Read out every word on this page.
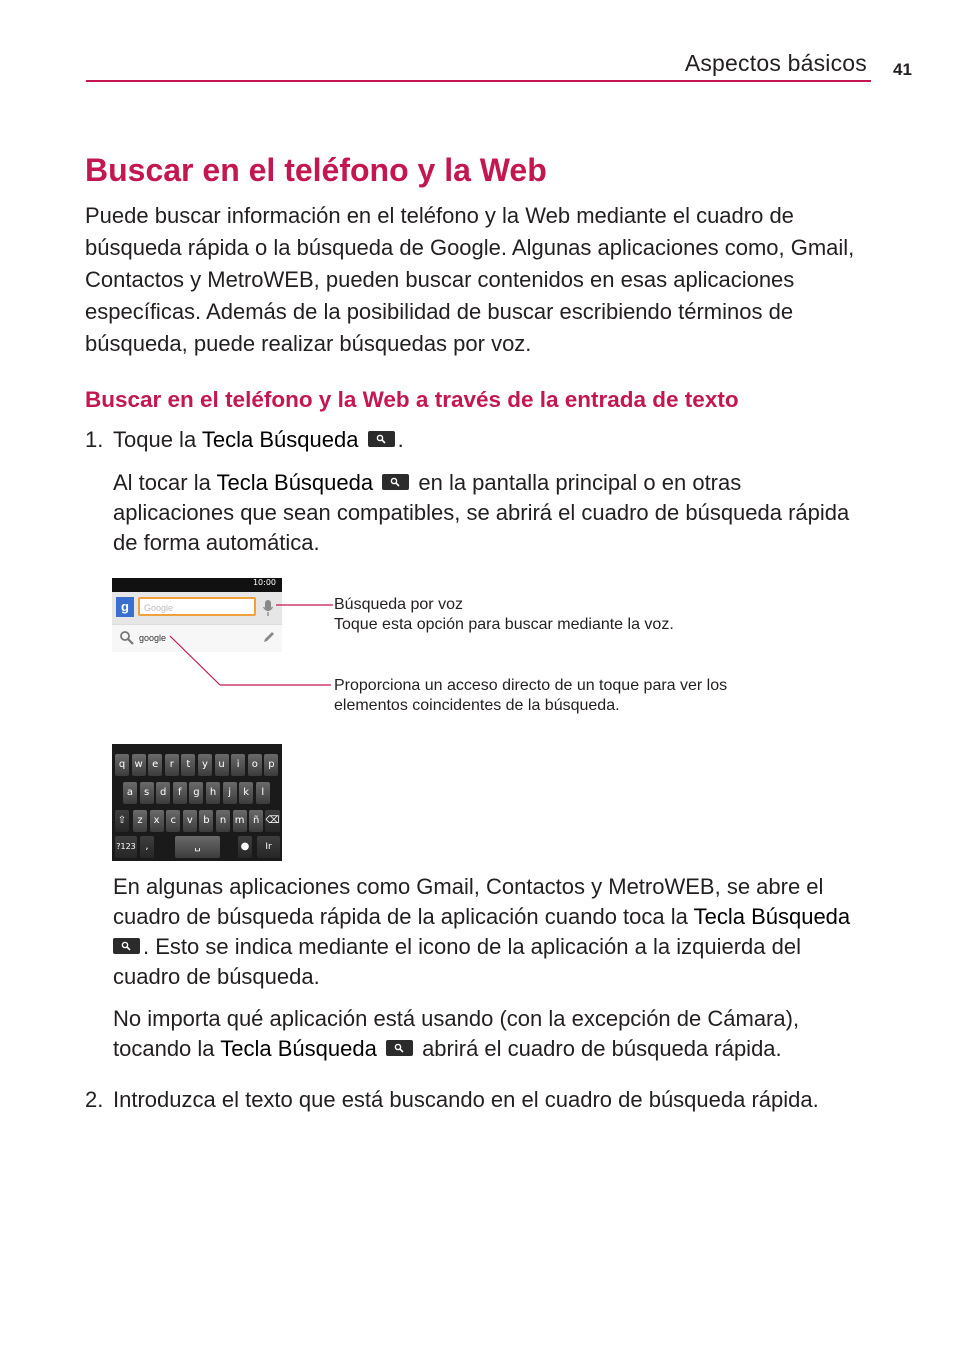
Aspectos básicos 41
Buscar en el teléfono y la Web

Puede buscar información en el teléfono y la Web mediante el cuadro de búsqueda rápida o la búsqueda de Google. Algunas aplicaciones como, Gmail, Contactos y MetroWEB, pueden buscar contenidos en esas aplicaciones específicas. Además de la posibilidad de buscar escribiendo términos de búsqueda, puede realizar búsquedas por voz.

Buscar en el teléfono y la Web a través de la entrada de texto
1. Toque la Tecla Búsqueda .
Al tocar la Tecla Búsqueda en la pantalla principal o en otras
aplicaciones que sean compatibles, se abrirá el cuadro de búsqueda rápida de forma automática.
10:00
g	Google
google

Búsqueda por voz

Toque esta opción para buscar mediante la voz.

Proporciona un acceso directo de un toque para ver los

elementos coincidentes de la búsqueda.

q w e	r	t	y	u	i	o	p
a	s	d	f	g	h	j	k	l
⇧	⌫
z	x	c	v	b	n m ñ
?123 ,	␣	●	Ir
En algunas aplicaciones como Gmail, Contactos y MetroWEB, se abre el
cuadro de búsqueda rápida de la aplicación cuando toca la Tecla Búsqueda
. Esto se indica mediante el icono de la aplicación a la izquierda del
cuadro de búsqueda.
No importa qué aplicación está usando (con la excepción de Cámara),
tocando la Tecla Búsqueda abrirá el cuadro de búsqueda rápida.
2. Introduzca el texto que está buscando en el cuadro de búsqueda rápida.
